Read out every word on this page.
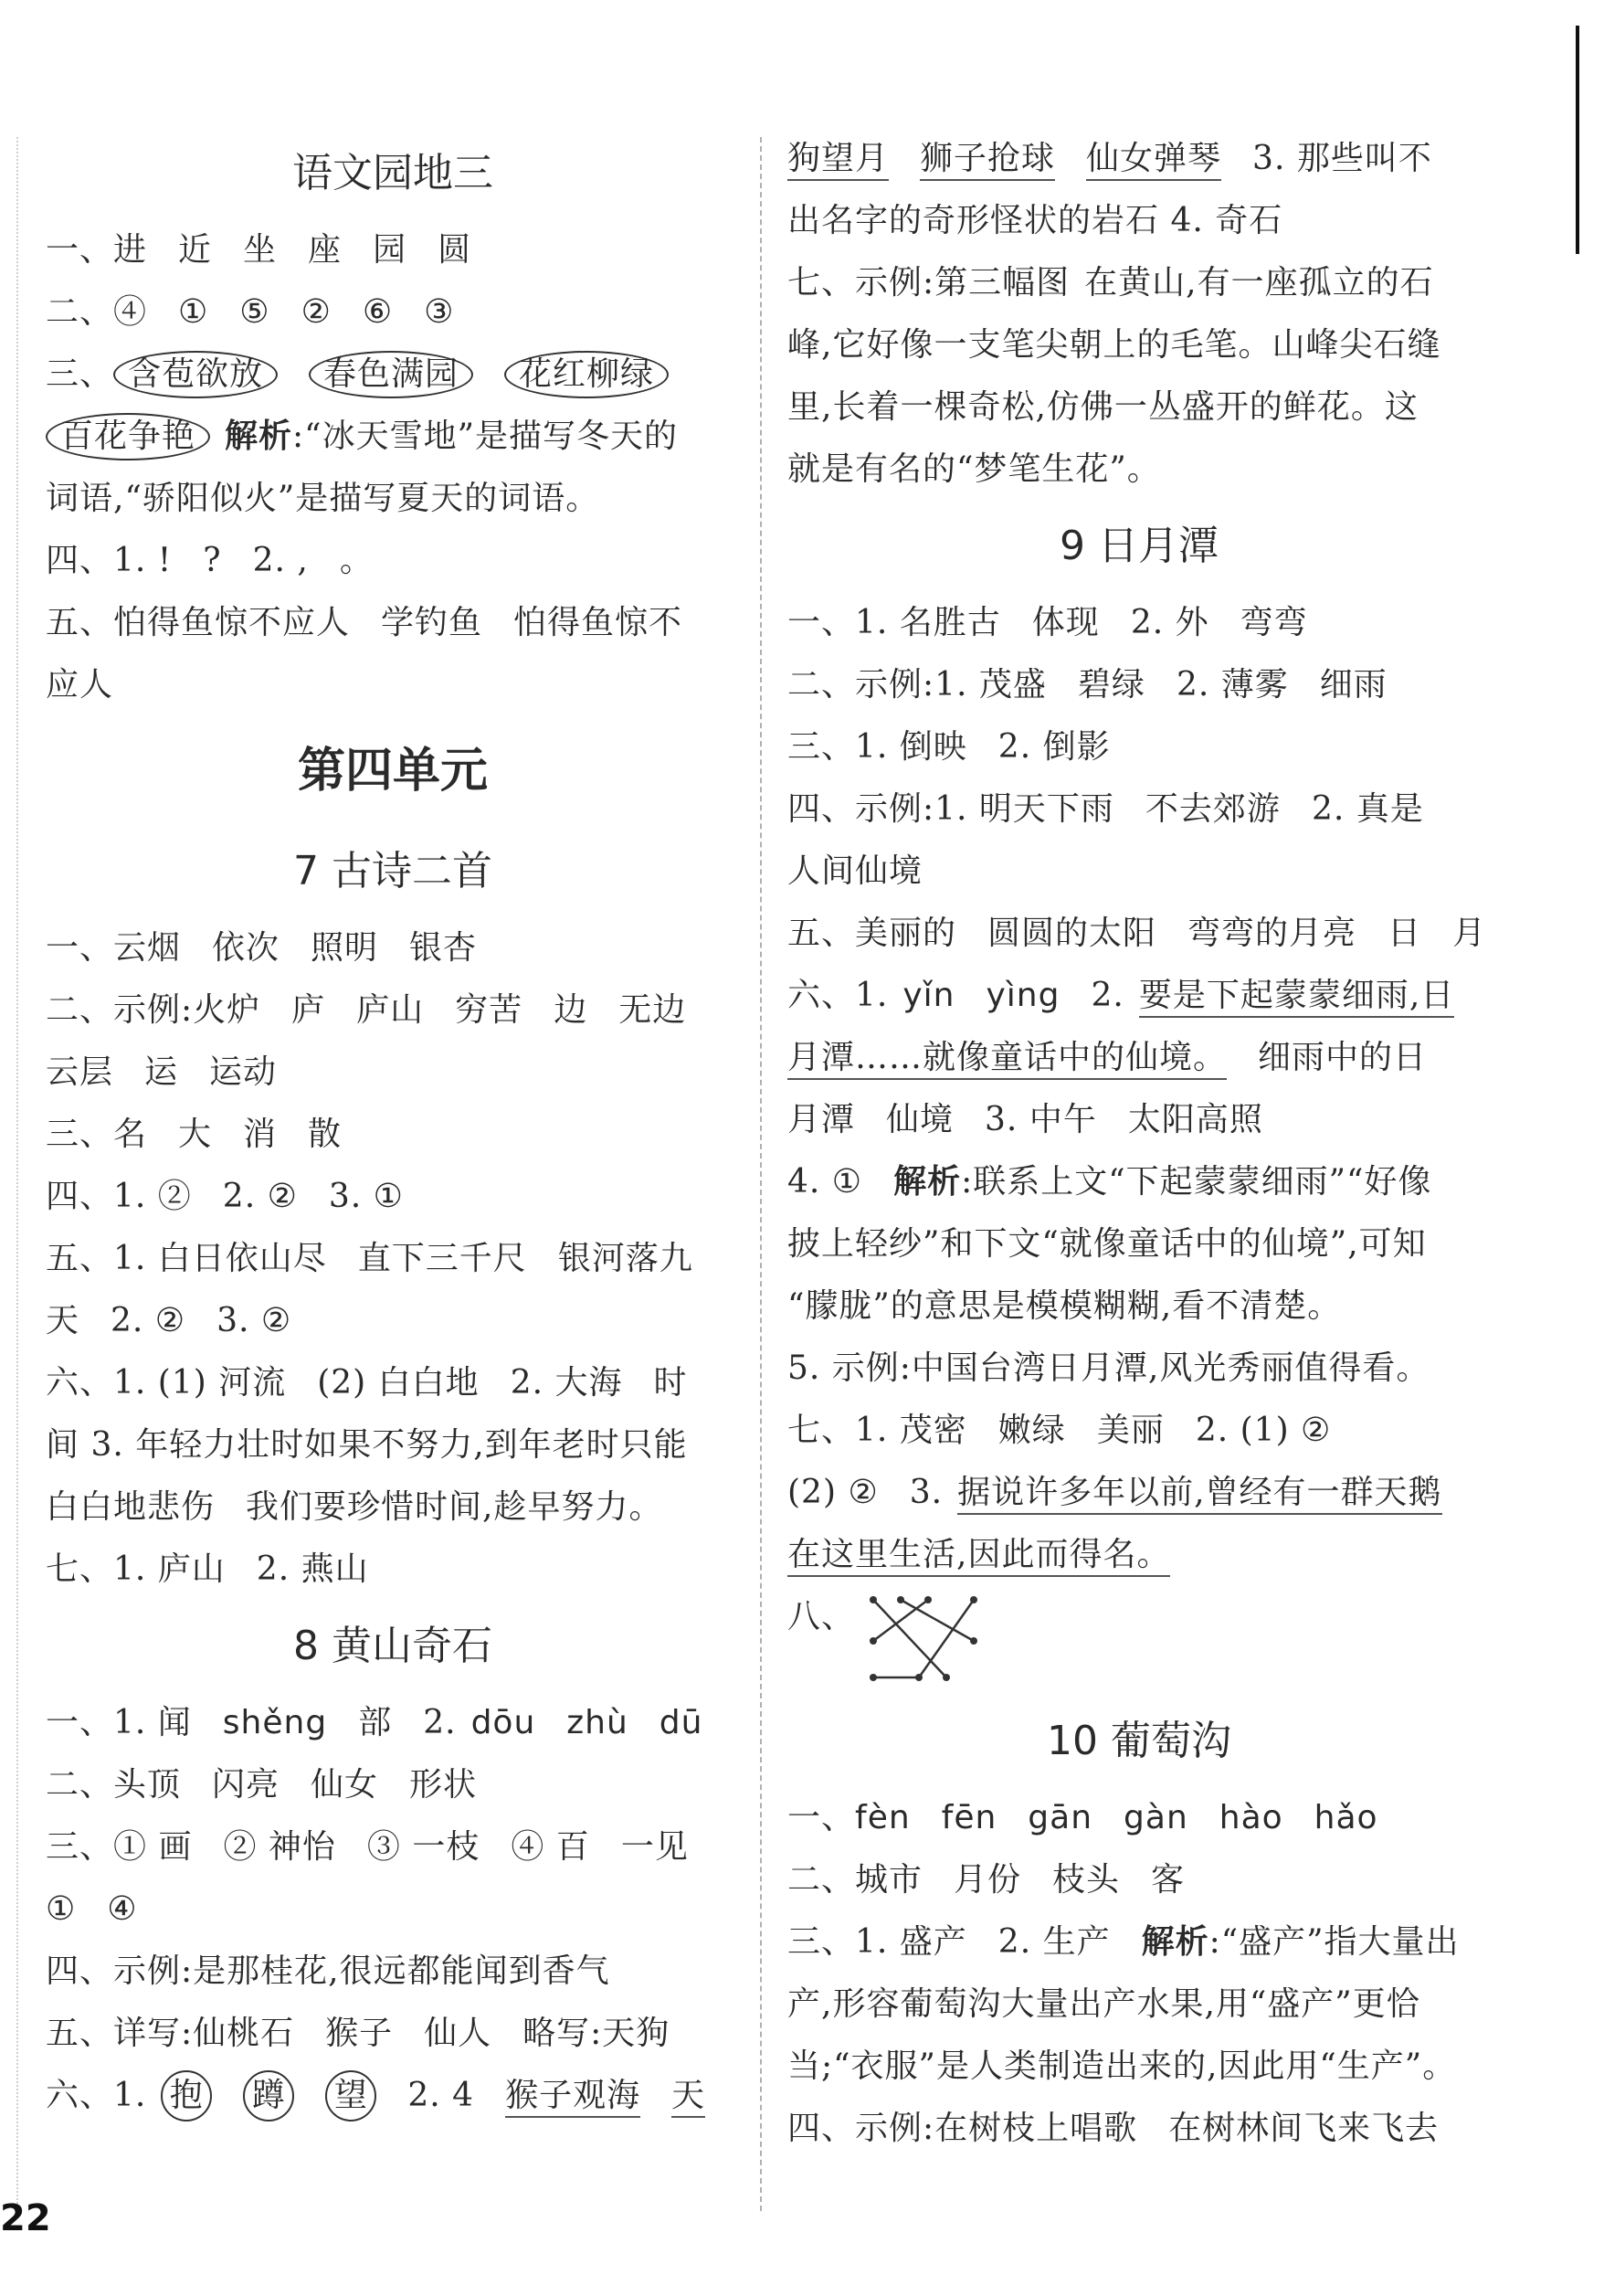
语文园地三
一、进 近 坐 座 园 圆
二、④ ① ⑤ ② ⑥ ③
三、 含苞欲放 春色满园 花红柳绿
百花争艳 解析:“冰天雪地”是描写冬天的
词语,“骄阳似火”是描写夏天的词语。
四、1. ! ? 2. , 。
五、怕得鱼惊不应人 学钓鱼 怕得鱼惊不
应人
第四单元
7 古诗二首
一、云烟 依次 照明 银杏
二、示例:火炉 庐 庐山 穷苦 边 无边
云层 运 运动
三、名 大 消 散
四、1. ② 2. ② 3. ①
五、1. 白日依山尽 直下三千尺 银河落九
天 2. ② 3. ②
六、1. (1) 河流 (2) 白白地 2. 大海 时
间 3. 年轻力壮时如果不努力,到年老时只能
白白地悲伤 我们要珍惜时间,趁早努力。
七、1. 庐山 2. 燕山
8 黄山奇石
一、1. 闻 shěng 部 2. dōu zhù dū
二、头顶 闪亮 仙女 形状
三、① 画 ② 神怡 ③ 一枝 ④ 百 一见
① ④
四、示例:是那桂花,很远都能闻到香气
五、详写:仙桃石 猴子 仙人 略写:天狗
六、1. 抱 蹲 望 2. 4 猴子观海 天
狗望月 狮子抢球 仙女弹琴 3. 那些叫不
出名字的奇形怪状的岩石 4. 奇石
七、示例:第三幅图 在黄山,有一座孤立的石
峰,它好像一支笔尖朝上的毛笔。山峰尖石缝
里,长着一棵奇松,仿佛一丛盛开的鲜花。这
就是有名的“梦笔生花”。
9 日月潭
一、1. 名胜古 体现 2. 外 弯弯
二、示例:1. 茂盛 碧绿 2. 薄雾 细雨
三、1. 倒映 2. 倒影
四、示例:1. 明天下雨 不去郊游 2. 真是
人间仙境
五、美丽的 圆圆的太阳 弯弯的月亮 日 月
六、1. yǐn yìng 2. 要是下起蒙蒙细雨,日
月潭……就像童话中的仙境。 细雨中的日
月潭 仙境 3. 中午 太阳高照
4. ① 解析:联系上文“下起蒙蒙细雨”“好像
披上轻纱”和下文“就像童话中的仙境”,可知
“朦胧”的意思是模模糊糊,看不清楚。
5. 示例:中国台湾日月潭,风光秀丽值得看。
七、1. 茂密 嫩绿 美丽 2. (1) ②
(2) ② 3. 据说许多年以前,曾经有一群天鹅
在这里生活,因此而得名。
八、
10 葡萄沟
一、fèn fēn gān gàn hào hǎo
二、城市 月份 枝头 客
三、1. 盛产 2. 生产 解析:“盛产”指大量出
产,形容葡萄沟大量出产水果,用“盛产”更恰
当;“衣服”是人类制造出来的,因此用“生产”。
四、示例:在树枝上唱歌 在树林间飞来飞去
22
